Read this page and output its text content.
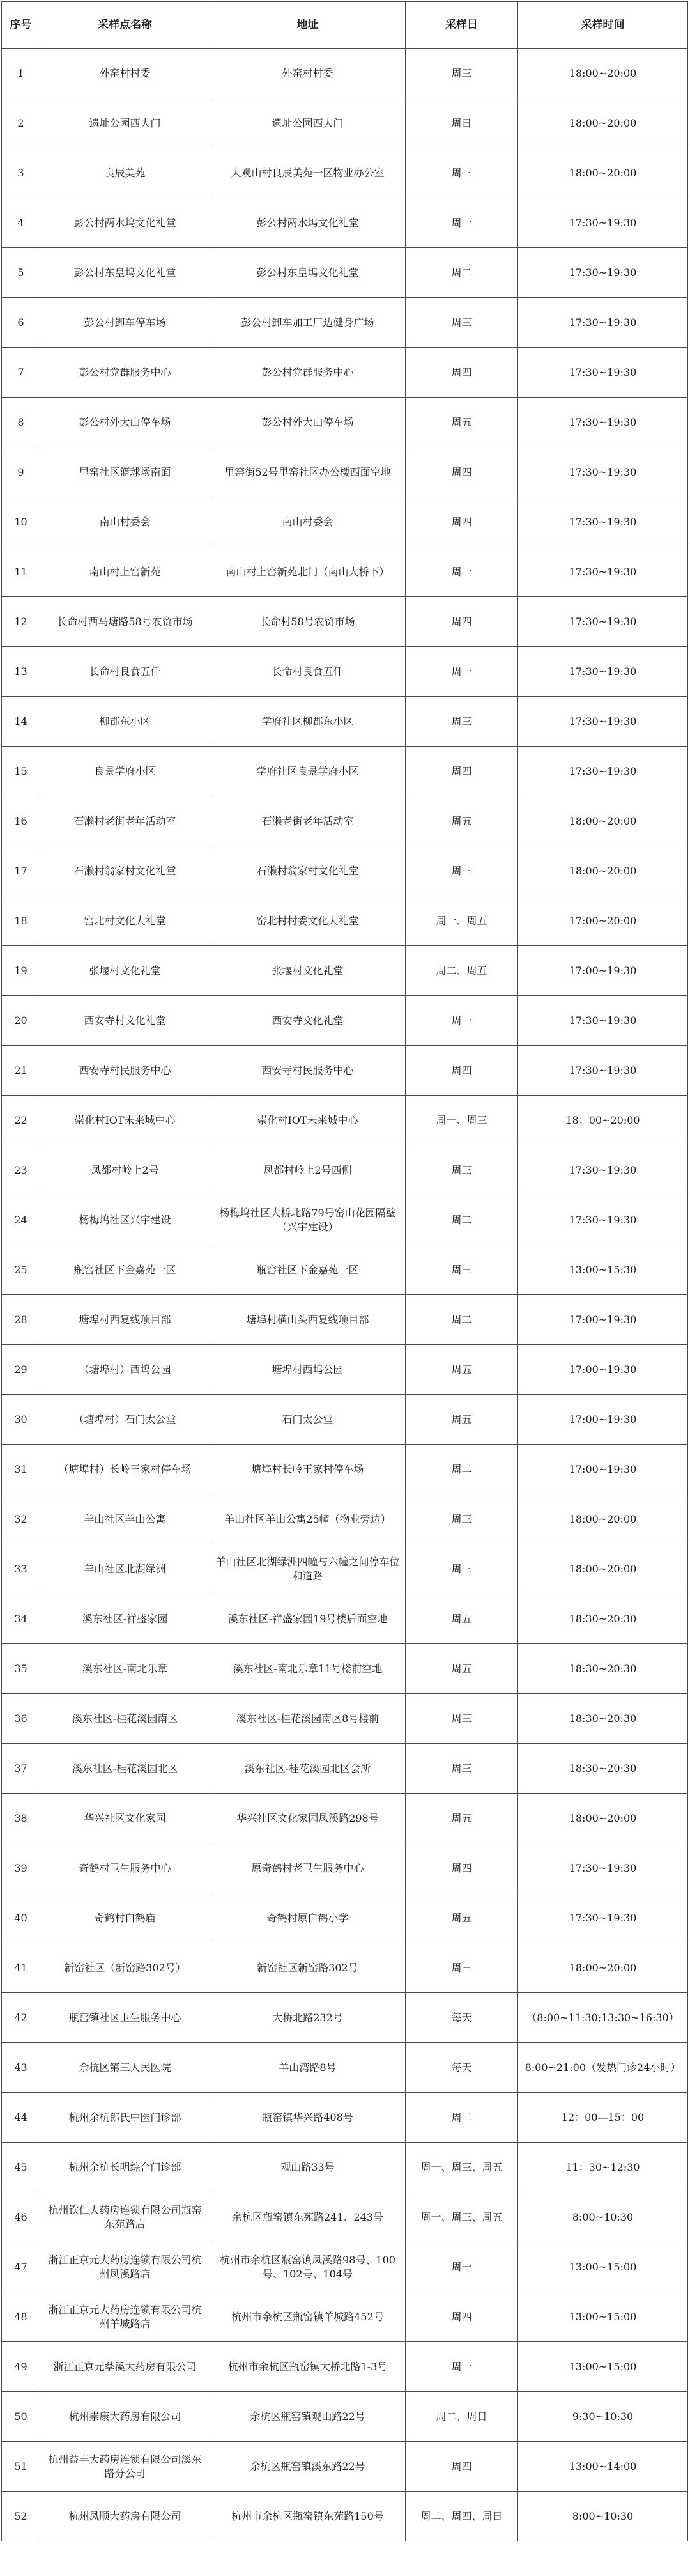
序号	采样点名称	地址	采样日	采样时间
1	外窑村村委	外窑村村委	周三	18:00~20:00
2	遗址公园西大门	遗址公园西大门	周日	18:00~20:00
3	良辰美苑	大观山村良辰美苑一区物业办公室	周三	18:00~20:00
4	彭公村两水坞文化礼堂	彭公村两水坞文化礼堂	周一	17:30~19:30
5	彭公村东皇坞文化礼堂	彭公村东皇坞文化礼堂	周二	17:30~19:30
6	彭公村卸车停车场	彭公村卸车加工厂边健身广场	周三	17:30~19:30
7	彭公村党群服务中心	彭公村党群服务中心	周四	17:30~19:30
8	彭公村外大山停车场	彭公村外大山停车场	周五	17:30~19:30
9	里窑社区篮球场南面	里窑街52号里窑社区办公楼西面空地	周四	17:30~19:30
10	南山村委会	南山村委会	周四	17:30~19:30
11	南山村上窑新苑	南山村上窑新苑北门（南山大桥下）	周一	17:30~19:30
12	长命村西马塘路58号农贸市场	长命村58号农贸市场	周四	17:30~19:30
13	长命村良食五仟	长命村良食五仟	周一	17:30~19:30
14	柳郡东小区	学府社区柳郡东小区	周三	17:30~19:30
15	良景学府小区	学府社区良景学府小区	周四	17:30~19:30
16	石濑村老街老年活动室	石濑老街老年活动室	周五	18:00~20:00
17	石濑村翁家村文化礼堂	石濑村翁家村文化礼堂	周三	18:00~20:00
18	窑北村文化大礼堂	窑北村村委文化大礼堂	周一、周五	17:00~20:00
19	张堰村文化礼堂	张堰村文化礼堂	周二、周五	17:00~19:30
20	西安寺村文化礼堂	西安寺文化礼堂	周一	17:30~19:30
21	西安寺村民服务中心	西安寺村民服务中心	周四	17:30~19:30
22	崇化村IOT未来城中心	崇化村IOT未来城中心	周一、周三	18：00~20:00
23	凤都村岭上2号	凤都村岭上2号西侧	周三	17:30~19:30
24	杨梅坞社区兴宇建设	杨梅坞社区大桥北路79号窑山花园隔壁（兴宇建设）	周二	17:30~19:30
25	瓶窑社区下金嘉苑一区	瓶窑社区下金嘉苑一区	周三	13:00~15:30
28	塘埠村西复线项目部	塘埠村横山头西复线项目部	周二	17:00~19:30
29	（塘埠村）西坞公园	塘埠村西坞公园	周五	17:00~19:30
30	（塘埠村）石门太公堂	石门太公堂	周五	17:00~19:30
31	（塘埠村）长岭王家村停车场	塘埠村长岭王家村停车场	周二	17:00~19:30
32	羊山社区羊山公寓	羊山社区羊山公寓25幢（物业旁边）	周三	18:00~20:00
33	羊山社区北湖绿洲	羊山社区北湖绿洲四幢与六幢之间停车位和道路	周三	18:00~20:00
34	溪东社区-祥盛家园	溪东社区-祥盛家园19号楼后面空地	周五	18:30~20:30
35	溪东社区-南北乐章	溪东社区-南北乐章11号楼前空地	周五	18:30~20:30
36	溪东社区-桂花溪园南区	溪东社区-桂花溪园南区8号楼前	周三	18:30~20:30
37	溪东社区-桂花溪园北区	溪东社区-桂花溪园北区会所	周三	18:30~20:30
38	华兴社区文化家园	华兴社区文化家园凤溪路298号	周五	18:00~20:00
39	奇鹤村卫生服务中心	原奇鹤村老卫生服务中心	周四	17:30~19:30
40	奇鹤村白鹤庙	奇鹤村原白鹤小学	周五	17:30~19:30
41	新窑社区（新窑路302号）	新窑社区新窑路302号	周三	18:00~20:00
42	瓶窑镇社区卫生服务中心	大桥北路232号	每天	（8:00~11:30;13:30~16:30）
43	余杭区第三人民医院	羊山湾路8号	每天	8:00~21:00（发热门诊24小时）
44	杭州余杭郎氏中医门诊部	瓶窑镇华兴路408号	周二	12：00—15：00
45	杭州余杭长明综合门诊部	观山路33号	周一、周三、周五	11：30~12:30
46	杭州钦仁大药房连锁有限公司瓶窑东苑路店	余杭区瓶窑镇东苑路241、243号	周一、周三、周五	8:00~10:30
47	浙江正京元大药房连锁有限公司杭州凤溪路店	杭州市余杭区瓶窑镇凤溪路98号、100号、102号、104号	周一	13:00~15:00
48	浙江正京元大药房连锁有限公司杭州羊城路店	杭州市余杭区瓶窑镇羊城路452号	周四	13:00~15:00
49	浙江正京元孳溪大药房有限公司	杭州市余杭区瓶窑镇大桥北路1-3号	周一	13:00~15:00
50	杭州崇康大药房有限公司	余杭区瓶窑镇观山路22号	周二、周日	9:30~10:30
51	杭州益丰大药房连锁有限公司溪东路分公司	余杭区瓶窑镇溪东路22号	周四	13:00~14:00
52	杭州凤顺大药房有限公司	杭州市余杭区瓶窑镇东苑路150号	周二、周四、周日	8:00~10:30
